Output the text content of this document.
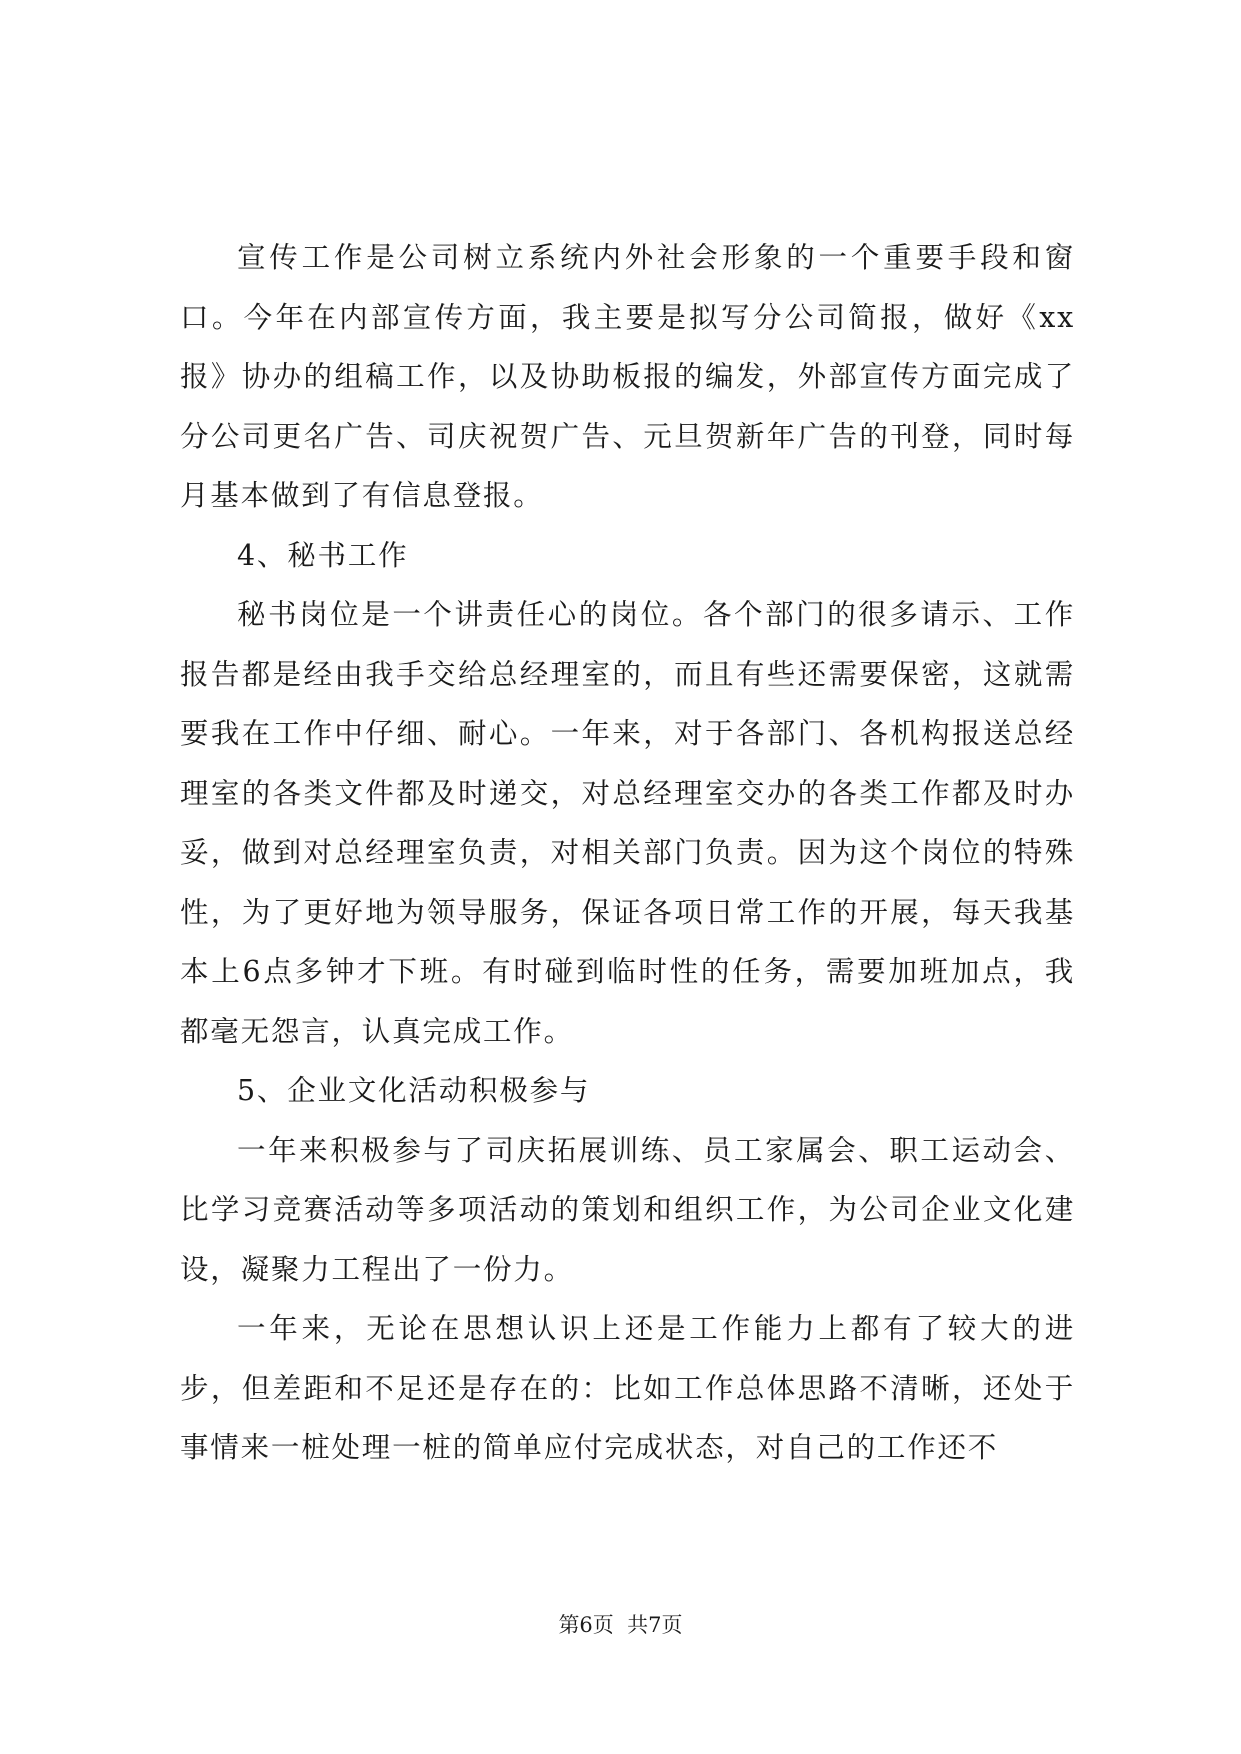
宣传工作是公司树立系统内外社会形象的一个重要手段和窗口。今年在内部宣传方面，我主要是拟写分公司简报，做好《xx报》协办的组稿工作，以及协助板报的编发，外部宣传方面完成了分公司更名广告、司庆祝贺广告、元旦贺新年广告的刊登，同时每月基本做到了有信息登报。

4、秘书工作

秘书岗位是一个讲责任心的岗位。各个部门的很多请示、工作报告都是经由我手交给总经理室的，而且有些还需要保密，这就需要我在工作中仔细、耐心。一年来，对于各部门、各机构报送总经理室的各类文件都及时递交，对总经理室交办的各类工作都及时办妥，做到对总经理室负责，对相关部门负责。因为这个岗位的特殊性，为了更好地为领导服务，保证各项日常工作的开展，每天我基本上6点多钟才下班。有时碰到临时性的任务，需要加班加点，我都毫无怨言，认真完成工作。

5、企业文化活动积极参与

一年来积极参与了司庆拓展训练、员工家属会、职工运动会、比学习竞赛活动等多项活动的策划和组织工作，为公司企业文化建设，凝聚力工程出了一份力。

一年来，无论在思想认识上还是工作能力上都有了较大的进步，但差距和不足还是存在的：比如工作总体思路不清晰，还处于事情来一桩处理一桩的简单应付完成状态，对自己的工作还不

第6页 共7页
